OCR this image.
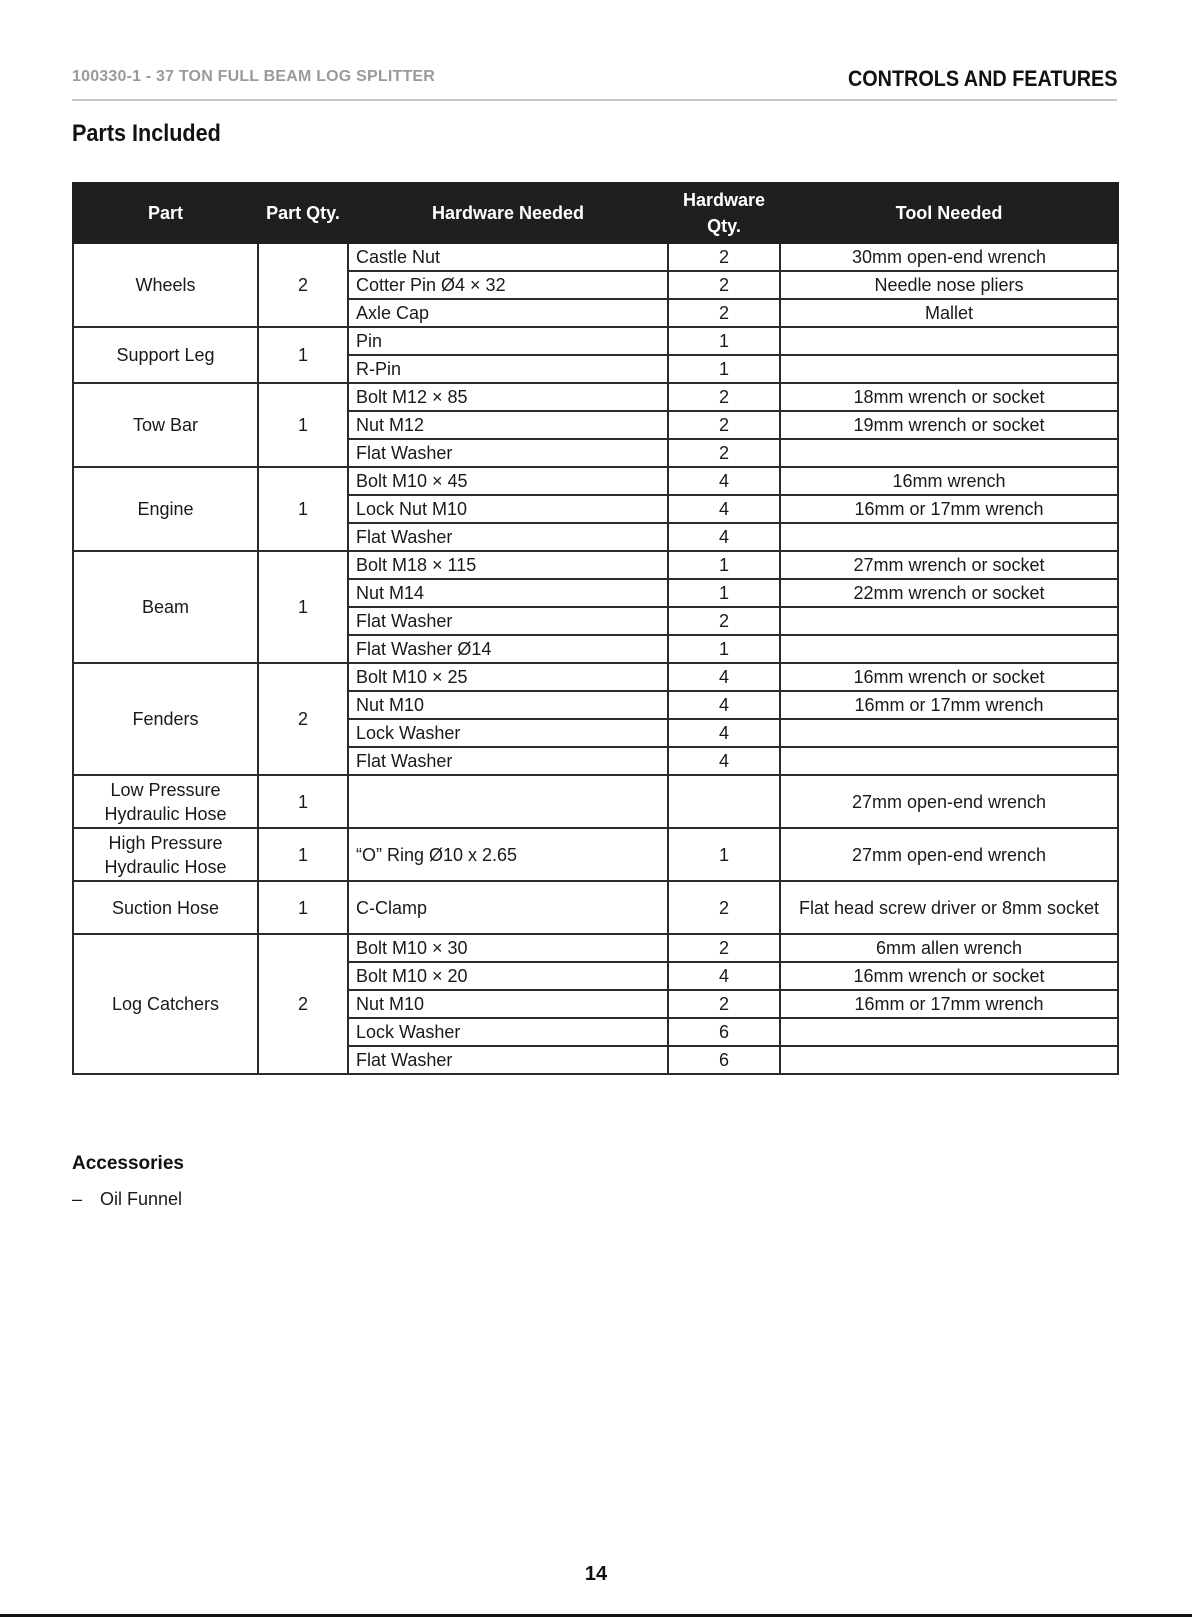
100330-1 - 37 TON FULL BEAM LOG SPLITTER	CONTROLS AND FEATURES
Parts Included
Part	Part Qty.	Hardware Needed	Hardware Qty.	Tool Needed
Wheels	2	Castle Nut	2	30mm open-end wrench
		Cotter Pin Ø4 × 32	2	Needle nose pliers
		Axle Cap	2	Mallet
Support Leg	1	Pin	1	
		R-Pin	1	
Tow Bar	1	Bolt M12 × 85	2	18mm wrench or socket
		Nut M12	2	19mm wrench or socket
		Flat Washer	2	
Engine	1	Bolt M10 × 45	4	16mm wrench
		Lock Nut M10	4	16mm or 17mm wrench
		Flat Washer	4	
Beam	1	Bolt M18 × 115	1	27mm wrench or socket
		Nut M14	1	22mm wrench or socket
		Flat Washer	2	
		Flat Washer Ø14	1	
Fenders	2	Bolt M10 × 25	4	16mm wrench or socket
		Nut M10	4	16mm or 17mm wrench
		Lock Washer	4	
		Flat Washer	4	
Low Pressure Hydraulic Hose	1			27mm open-end wrench
High Pressure Hydraulic Hose	1	“O” Ring Ø10 x 2.65	1	27mm open-end wrench
Suction Hose	1	C-Clamp	2	Flat head screw driver or 8mm socket
Log Catchers	2	Bolt M10 × 30	2	6mm allen wrench
		Bolt M10 × 20	4	16mm wrench or socket
		Nut M10	2	16mm or 17mm wrench
		Lock Washer	6	
		Flat Washer	6	
Accessories
– Oil Funnel
14
